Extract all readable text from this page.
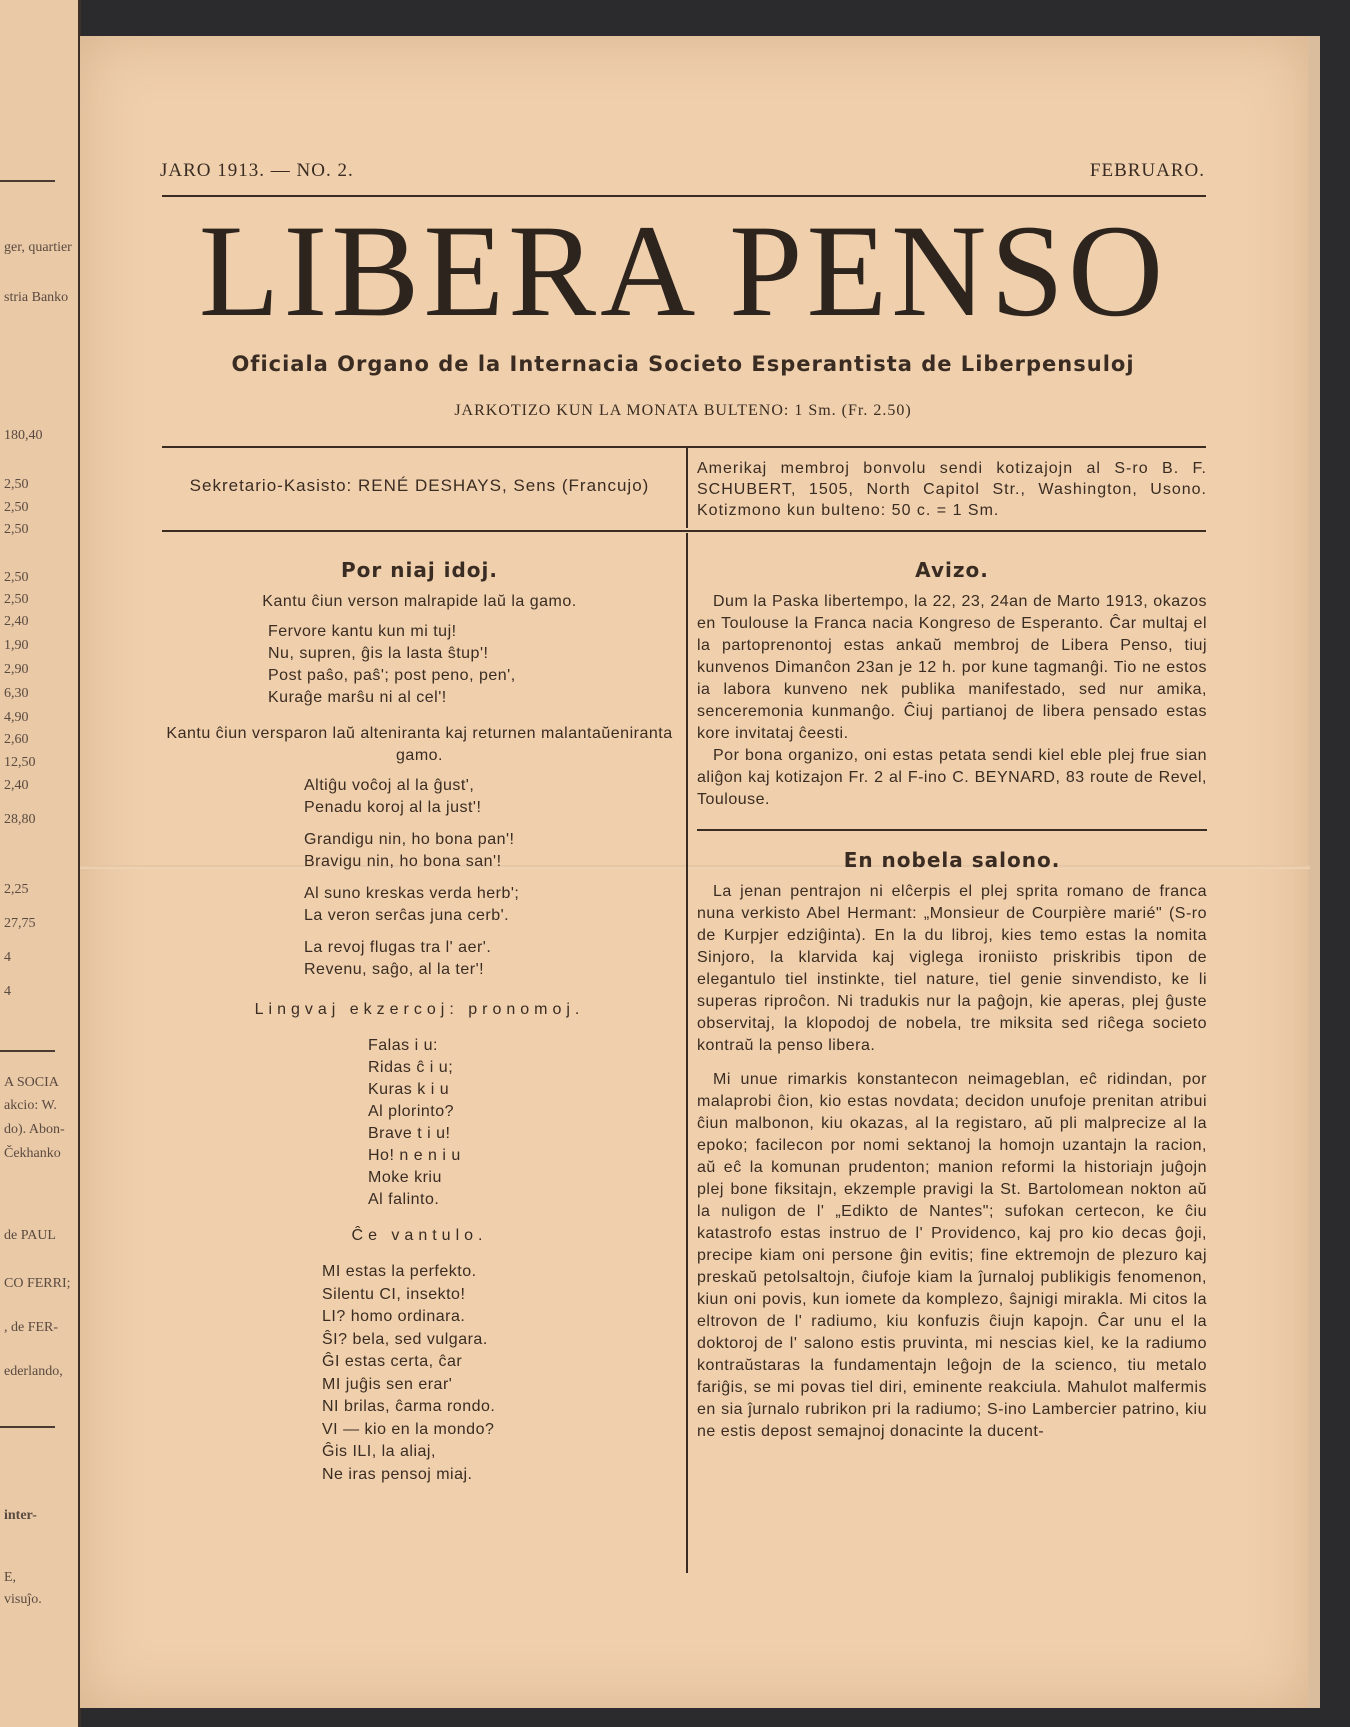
ger, quartier
stria Banko
180,40
2,50
2,50
2,50
2,50
2,50
2,40
1,90
2,90
6,30
4,90
2,60
12,50
2,40
28,80
2,25
27,75
4
4
A SOCIA
akcio: W.
do). Abon-
Čekhanko
de PAUL
CO FERRI;
, de FER-
ederlando,
inter-
E,
visuĵo.
JARO 1913. — NO. 2.	FEBRUARO.
LIBERA PENSO
Oficiala Organo de la Internacia Societo Esperantista de Liberpensuloj
JARKOTIZO KUN LA MONATA BULTENO: 1 Sm. (Fr. 2.50)
Sekretario-Kasisto: RENÉ DESHAYS, Sens (Francujo)
Amerikaj membroj bonvolu sendi kotizajojn al S-ro B. F. SCHUBERT, 1505, North Capitol Str., Washington, Usono. Kotizmono kun bulteno: 50 c. = 1 Sm.
Por niaj idoj.

Kantu ĉiun verson malrapide laŭ la gamo.

Fervore kantu kun mi tuj!
Nu, supren, ĝis la lasta ŝtup'!
Post paŝo, paŝ'; post peno, pen',
Kuraĝe marŝu ni al cel'!

Kantu ĉiun versparon laŭ alteniranta kaj returnen malantaŭeniranta gamo.

Altiĝu voĉoj al la ĝust',
Penadu koroj al la just'!
Grandigu nin, ho bona pan'!
Bravigu nin, ho bona san'!
Al suno kreskas verda herb';
La veron serĉas juna cerb'.
La revoj flugas tra l' aer'.
Revenu, saĝo, al la ter'!
Lingvaj ekzercoj: pronomoj.
Falas i u:
Ridas ĉ i u;
Kuras k i u
Al plorinto?
Brave t i u!
Ho! n e n i u
Moke kriu
Al falinto.
Ĉe vantulo.
MI estas la perfekto.
Silentu CI, insekto!
LI? homo ordinara.
ŜI? bela, sed vulgara.
ĜI estas certa, ĉar
MI juĝis sen erar'
NI brilas, ĉarma rondo.
VI — kio en la mondo?
Ĝis ILI, la aliaj,
Ne iras pensoj miaj.
Avizo.

Dum la Paska libertempo, la 22, 23, 24an de Marto 1913, okazos en Toulouse la Franca nacia Kongreso de Esperanto. Ĉar multaj el la partoprenontoj estas ankaŭ membroj de Libera Penso, tiuj kunvenos Dimanĉon 23an je 12 h. por kune tagmanĝi. Tio ne estos ia labora kunveno nek publika manifestado, sed nur amika, senceremonia kunmanĝo. Ĉiuj partianoj de libera pensado estas kore invitataj ĉeesti.

Por bona organizo, oni estas petata sendi kiel eble plej frue sian aliĝon kaj kotizajon Fr. 2 al F-ino C. BEYNARD, 83 route de Revel, Toulouse.

En nobela salono.

La jenan pentrajon ni elĉerpis el plej sprita romano de franca nuna verkisto Abel Hermant: „Monsieur de Courpière marié" (S-ro de Kurpjer edziĝinta). En la du libroj, kies temo estas la nomita Sinjoro, la klarvida kaj viglega ironiisto priskribis tipon de elegantulo tiel instinkte, tiel nature, tiel genie sinvendisto, ke li superas riproĉon. Ni tradukis nur la paĝojn, kie aperas, plej ĝuste observitaj, la klopodoj de nobela, tre miksita sed riĉega societo kontraŭ la penso libera.

Mi unue rimarkis konstantecon neimageblan, eĉ ridindan, por malaprobi ĉion, kio estas novdata; decidon unufoje prenitan atribui ĉiun malbonon, kiu okazas, al la registaro, aŭ pli malprecize al la epoko; facilecon por nomi sektanoj la homojn uzantajn la racion, aŭ eĉ la komunan prudenton; manion reformi la historiajn juĝojn plej bone fiksitajn, ekzemple pravigi la St. Bartolomean nokton aŭ la nuligon de l' „Edikto de Nantes"; sufokan certecon, ke ĉiu katastrofo estas instruo de l' Providenco, kaj pro kio decas ĝoji, precipe kiam oni persone ĝin evitis; fine ektremojn de plezuro kaj preskaŭ petolsaltojn, ĉiufoje kiam la ĵurnaloj publikigis fenomenon, kiun oni povis, kun iomete da komplezo, ŝajnigi mirakla. Mi citos la eltrovon de l' radiumo, kiu konfuzis ĉiujn kapojn. Ĉar unu el la doktoroj de l' salono estis pruvinta, mi nescias kiel, ke la radiumo kontraŭstaras la fundamentajn leĝojn de la scienco, tiu metalo fariĝis, se mi povas tiel diri, eminente reakciula. Mahulot malfermis en sia ĵurnalo rubrikon pri la radiumo; S-ino Lambercier patrino, kiu ne estis depost semajnoj donacinte la ducent-
